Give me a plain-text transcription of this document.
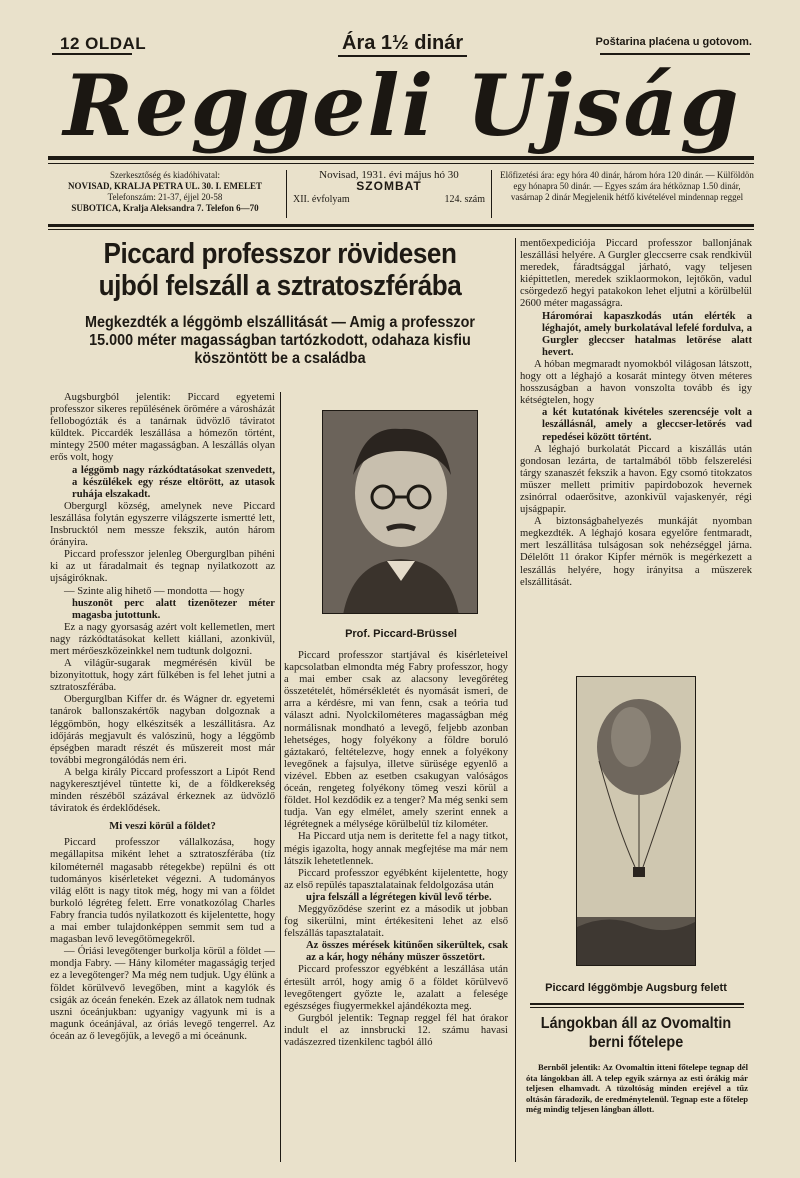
12 OLDAL	Ára 1½ dinár	Poštarina plaćena u gotovom.
Reggeli Ujság
Szerkesztőség és kiadóhivatal:
NOVISAD, KRALJA PETRA UL. 30. I. EMELET
Telefonszám: 21-37, éjjel 20-58
SUBOTICA, Kralja Aleksandra 7. Telefon 6—70
Novisad, 1931. évi május hó 30
SZOMBAT
XII. évfolyam	124. szám
Előfizetési ára: egy hóra 40 dinár, három hóra 120 dinár. — Külföldön egy hónapra 50 dinár. — Egyes szám ára hétköznap 1.50 dinár, vasárnap 2 dinár Megjelenik hétfő kivételével mindennap reggel
Piccard professzor rövidesen ujból felszáll a sztratoszférába
Megkezdték a léggömb elszállitását — Amig a professzor 15.000 méter magasságban tartózkodott, odahaza kisfiu köszöntött be a családba

Augsburgból jelentik: Piccard egyetemi professzor sikeres repülésének örömére a városházát fellobogózták és a tanárnak üdvözlő táviratot küldtek. Piccardék leszállása a hómezőn történt, mintegy 2500 méter magasságban. A leszállás olyan erős volt, hogy

a léggömb nagy rázkódtatásokat szenvedett, a készülékek egy része eltörött, az utasok ruhája elszakadt.

Obergurgl község, amelynek neve Piccard leszállása folytán egyszerre világszerte ismertté lett, Insbrucktól nem messze fekszik, autón három órányira.

Piccard professzor jelenleg Obergurglban pihéni ki az ut fáradalmait és tegnap nyilatkozott az ujságiróknak.

— Szinte alig hihető — mondotta — hogy

huszonöt perc alatt tizenötezer méter magasba jutottunk.

Ez a nagy gyorsaság azért volt kellemetlen, mert nagy rázkódtatásokat kellett kiállani, azonkivül, mert mérőeszközeinkkel nem tudtunk dolgozni.

A világür-sugarak megmérésén kivül be bizonyitottuk, hogy zárt fülkében is fel lehet jutni a sztratoszférába.

Obergurglban Kiffer dr. és Wágner dr. egyetemi tanárok ballonszakértők nagyban dolgoznak a léggömbön, hogy elkészitsék a leszállitásra. Az időjárás megjavult és valószinü, hogy a léggömb épségben maradt részét és műszereit most már további megrongálódás nem éri.

A belga király Piccard professzort a Lipót Rend nagykeresztjével tüntette ki, de a földkerekség minden részéből százával érkeznek az üdvözlő táviratok és érdeklődések.

Mi veszi körül a földet?

Piccard professzor vállalkozása, hogy megállapitsa miként lehet a sztratoszférába (tíz kilométernél magasabb rétegekbe) repülni és ott tudományos kisérleteket végezni. A tudományos világ előtt is nagy titok még, hogy mi van a földet burkoló légréteg felett. Erre vonatkozólag Charles Fabry francia tudós nyilatkozott és kijelentette, hogy a mai ember tulajdonképpen semmit sem tud a magasban levő levegőtömegekről.

— Óriási levegőtenger burkolja körül a földet — mondja Fabry. — Hány kilométer magasságig terjed ez a levegőtenger? Ma még nem tudjuk. Ugy élünk a földet körülvevő levegőben, mint a kagylók és csigák az óceán fenekén. Ezek az állatok nem tudnak uszni óceánjukban: ugyanigy vagyunk mi is a magunk óceánjával, az óriás levegő tengerrel. Az óceán az ő levegőjük, a levegő a mi óceánunk.

Prof. Piccard-Brüssel

Piccard professzor startjával és kisérleteivel kapcsolatban elmondta még Fabry professzor, hogy a mai ember csak az alacsony levegőréteg összetételét, hőmérsékletét és nyomását ismeri, de arra a kérdésre, mi van fenn, csak a teória tud választ adni. Nyolckilométeres magasságban még normálisnak mondható a levegő, feljebb azonban lehetséges, hogy folyékony a földre boruló gáztakaró, feltételezve, hogy ennek a folyékony levegőnek a fajsulya, illetve sürüsége egyenlő a vizével. Ebben az esetben csakugyan valóságos óceán, rengeteg folyékony tömeg veszi körül a földet. Hol kezdődik ez a tenger? Ma még senki sem tudja. Van egy elmélet, amely szerint ennek a légrétegnek a mélysége körülbelül tíz kilométer.

Ha Piccard utja nem is deritette fel a nagy titkot, mégis igazolta, hogy annak megfejtése ma már nem látszik lehetetlennek.

Piccard professzor egyébként kijelentette, hogy az első repülés tapasztalatainak feldolgozása után

ujra felszáll a légrétegen kivül levő térbe.

Meggyőződése szerint ez a második ut jobban fog sikerülni, mint értékesiteni lehet az első felszállás tapasztalatait.

Az összes mérések kitünően sikerültek, csak az a kár, hogy néhány müszer összetört.

Piccard professzor egyébként a leszállása után értesült arról, hogy amig ő a földet körülvevő levegőtengert győzte le, azalatt a felesége egészséges fiugyermekkel ajándékozta meg.

Gurgból jelentik: Tegnap reggel fél hat órakor indult el az innsbrucki 12. számu havasi vadászezred tizenkilenc tagból álló

mentőexpediciója Piccard professzor ballonjának leszállási helyére. A Gurgler gleccserre csak rendkivül meredek, fáradtsággal járható, vagy teljesen kiépittetlen, meredek sziklaormokon, lejtőkön, vadul csörgedező hegyi patakokon lehet eljutni a körülbelül 2600 méter magasságra.

Háromórai kapaszkodás után elérték a léghajót, amely burkolatával lefelé fordulva, a Gurgler gleccser hatalmas letörése alatt hevert.

A hóban megmaradt nyomokból világosan látszott, hogy ott a léghajó a kosarát mintegy ötven méteres hosszuságban a havon vonszolta tovább és igy kétségtelen, hogy

a két kutatónak kivételes szerencséje volt a leszállásnál, amely a gleccser-letörés vad repedései között történt.

A léghajó burkolatát Piccard a kiszállás után gondosan lezárta, de tartalmából több felszerelési tárgy szanaszét fekszik a havon. Egy csomó titokzatos müszer mellett primitiv papirdobozok hevernek zsinórral odaerősitve, azonkivül vajaskenyér, régi ujságpapir.

A biztonságbahelyezés munkáját nyomban megkezdték. A léghajó kosara egyelőre fentmaradt, mert leszállitása tulságosan sok nehézséggel járna. Délelőtt 11 órakor Kipfer mérnök is megérkezett a leszállás helyére, hogy irányitsa a müszerek elszállitását.

Piccard léggömbje Augsburg felett
Lángokban áll az Ovomaltin berni főtelepe

Bernből jelentik: Az Ovomaltin itteni főtelepe tegnap dél óta lángokban áll. A telep egyik szárnya az esti órákig már teljesen elhamvadt. A tüzoltóság minden erejével a tűz oltásán fáradozik, de eredménytelenül. Tegnap este a főtelep még mindig teljesen lángban állott.
